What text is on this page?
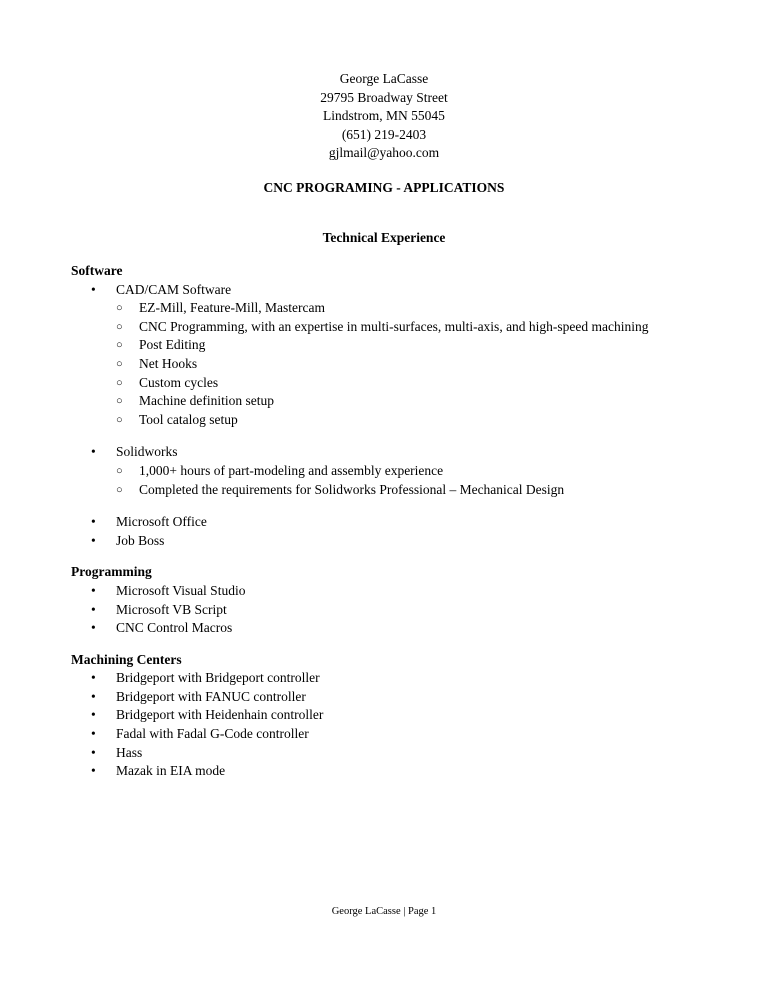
George LaCasse
29795 Broadway Street
Lindstrom, MN 55045
(651) 219-2403
gjlmail@yahoo.com
CNC PROGRAMING - APPLICATIONS
Technical Experience
Software
• CAD/CAM Software
○ EZ-Mill, Feature-Mill, Mastercam
○ CNC Programming, with an expertise in multi-surfaces, multi-axis, and high-speed machining
○ Post Editing
○ Net Hooks
○ Custom cycles
○ Machine definition setup
○ Tool catalog setup
• Solidworks
○ 1,000+ hours of part-modeling and assembly experience
○ Completed the requirements for Solidworks Professional – Mechanical Design
• Microsoft Office
• Job Boss
Programming
• Microsoft Visual Studio
• Microsoft VB Script
• CNC Control Macros
Machining Centers
• Bridgeport with Bridgeport controller
• Bridgeport with FANUC controller
• Bridgeport with Heidenhain controller
• Fadal with Fadal G-Code controller
• Hass
• Mazak in EIA mode
George LaCasse | Page 1
